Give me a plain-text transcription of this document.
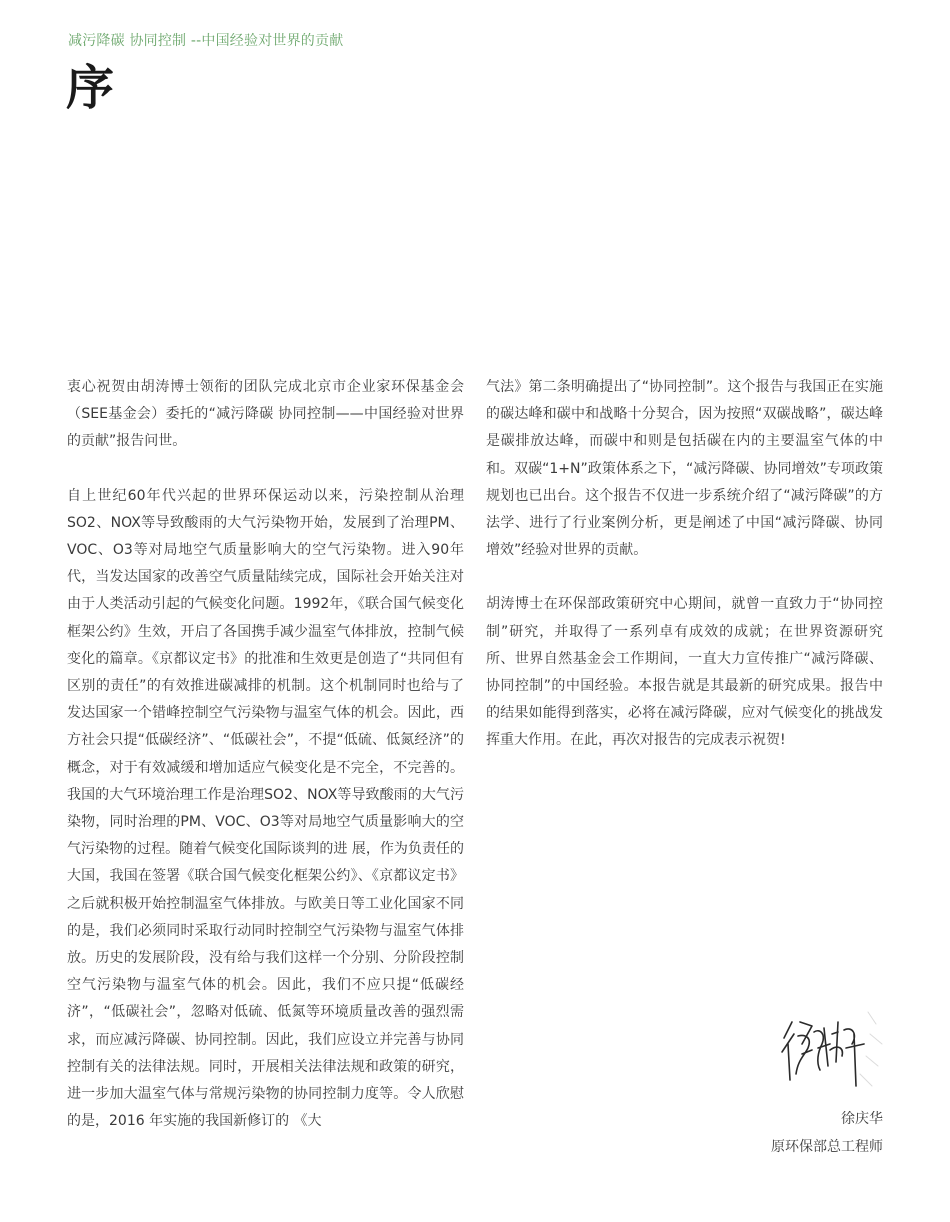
减污降碳 协同控制 --中国经验对世界的贡献
序

衷心祝贺由胡涛博士领衔的团队完成北京市企业家环保基金会（SEE基金会）委托的“减污降碳 协同控制——中国经验对世界的贡献”报告问世。

自上世纪60年代兴起的世界环保运动以来，污染控制从治理SO2、NOX等导致酸雨的大气污染物开始，发展到了治理PM、VOC、O3等对局地空气质量影响大的空气污染物。进入90年代，当发达国家的改善空气质量陆续完成，国际社会开始关注对由于人类活动引起的气候变化问题。1992年，《联合国气候变化框架公约》生效，开启了各国携手减少温室气体排放，控制气候变化的篇章。《京都议定书》的批准和生效更是创造了“共同但有区别的责任”的有效推进碳减排的机制。这个机制同时也给与了发达国家一个错峰控制空气污染物与温室气体的机会。因此，西方社会只提“低碳经济”、“低碳社会”，不提“低硫、低氮经济”的概念，对于有效减缓和增加适应气候变化是不完全，不完善的。我国的大气环境治理工作是治理SO2、NOX等导致酸雨的大气污染物，同时治理的PM、VOC、O3等对局地空气质量影响大的空气污染物的过程。随着气候变化国际谈判的进 展，作为负责任的大国，我国在签署《联合国气候变化框架公约》、《京都议定书》之后就积极开始控制温室气体排放。与欧美日等工业化国家不同的是，我们必须同时采取行动同时控制空气污染物与温室气体排放。历史的发展阶段，没有给与我们这样一个分别、分阶段控制空气污染物与温室气体的机会。因此，我们不应只提“低碳经济”，“低碳社会”，忽略对低硫、低氮等环境质量改善的强烈需求，而应减污降碳、协同控制。因此，我们应设立并完善与协同控制有关的法律法规。同时，开展相关法律法规和政策的研究，进一步加大温室气体与常规污染物的协同控制力度等。令人欣慰的是，2016 年实施的我国新修订的 《大

气法》第二条明确提出了“协同控制”。这个报告与我国正在实施的碳达峰和碳中和战略十分契合，因为按照“双碳战略”，碳达峰是碳排放达峰，而碳中和则是包括碳在内的主要温室气体的中和。双碳“1+N”政策体系之下，“减污降碳、协同增效”专项政策规划也已出台。这个报告不仅进一步系统介绍了“减污降碳”的方法学、进行了行业案例分析，更是阐述了中国“减污降碳、协同增效”经验对世界的贡献。

胡涛博士在环保部政策研究中心期间，就曾一直致力于“协同控制”研究，并取得了一系列卓有成效的成就；在世界资源研究所、世界自然基金会工作期间，一直大力宣传推广“减污降碳、协同控制”的中国经验。本报告就是其最新的研究成果。报告中的结果如能得到落实，必将在减污降碳，应对气候变化的挑战发挥重大作用。在此，再次对报告的完成表示祝贺!

徐庆华
原环保部总工程师
